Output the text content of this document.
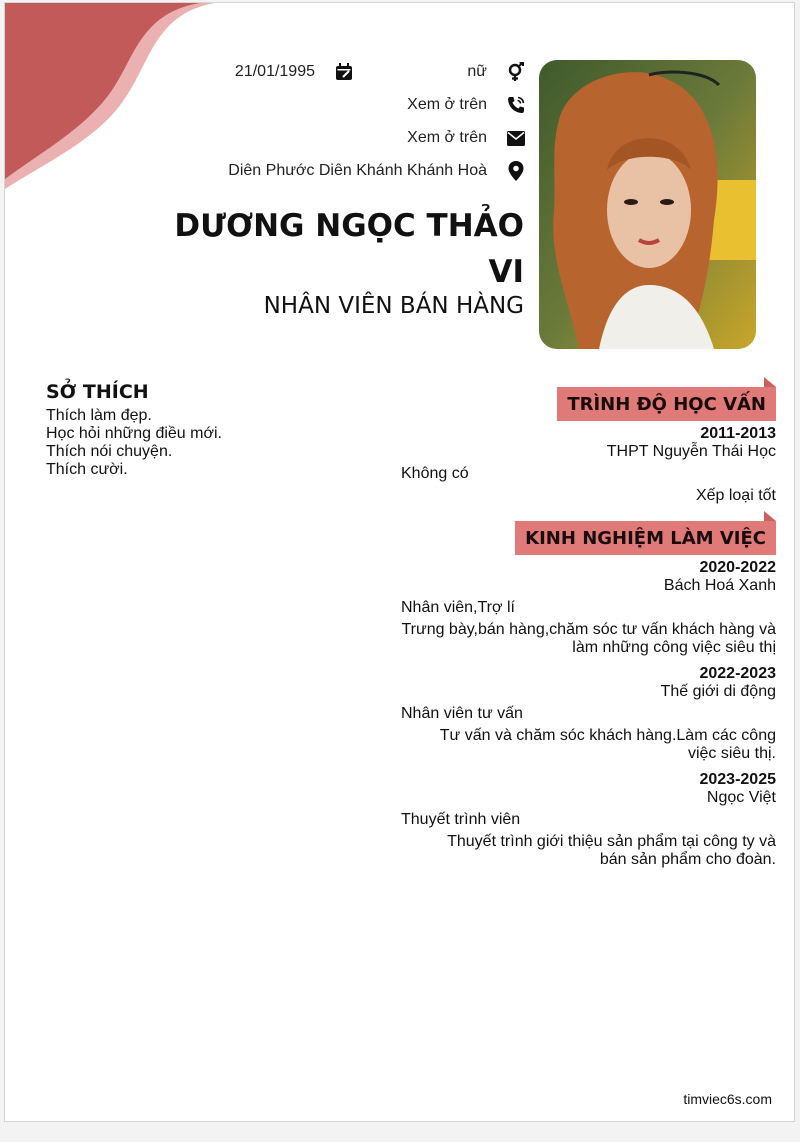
21/01/1995	nữ
Xem ở trên
Xem ở trên
Diên Phước Diên Khánh Khánh Hoà
DƯƠNG NGỌC THẢO
VI
NHÂN VIÊN BÁN HÀNG
SỞ THÍCH
Thích làm đẹp.
Học hỏi những điều mới.
Thích nói chuyện.
Thích cười.
TRÌNH ĐỘ HỌC VẤN
2011-2013
THPT Nguyễn Thái Học
Không có
Xếp loại tốt
KINH NGHIỆM LÀM VIỆC
2020-2022
Bách Hoá Xanh
Nhân viên,Trợ lí
Trưng bày,bán hàng,chăm sóc tư vấn khách hàng và làm những công việc siêu thị
2022-2023
Thế giới di động
Nhân viên tư vấn
Tư vấn và chăm sóc khách hàng.Làm các công việc siêu thị.
2023-2025
Ngọc Việt
Thuyết trình viên
Thuyết trình giới thiệu sản phẩm tại công ty và bán sản phẩm cho đoàn.
timviec6s.com
